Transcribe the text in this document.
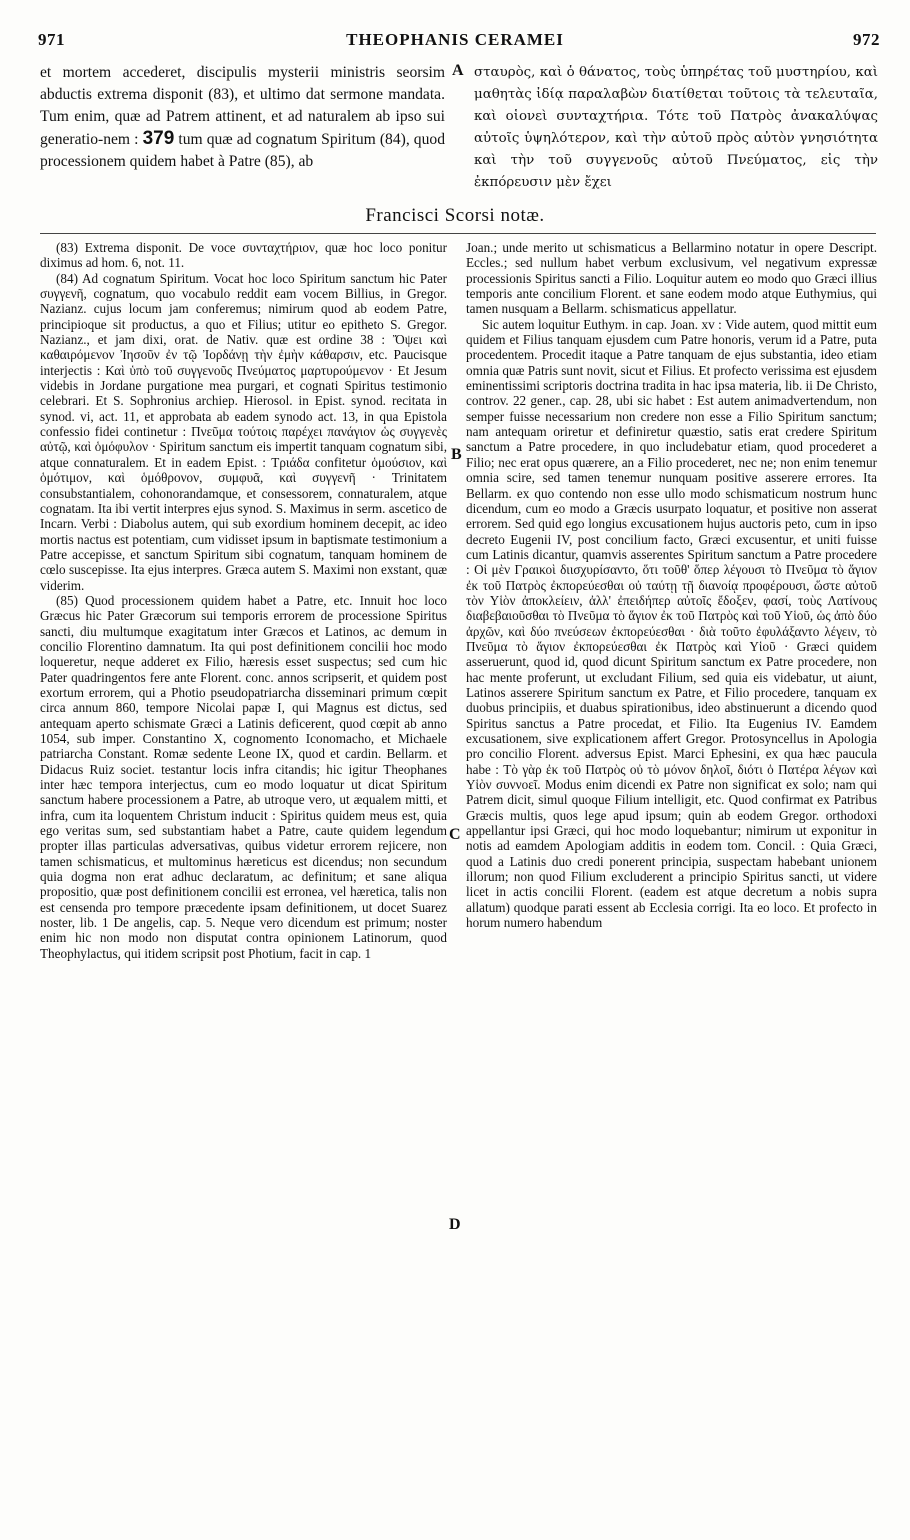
971	THEOPHANIS CERAMEI	972
et mortem accederet, discipulis mysterii ministris seorsim abductis extrema disponit (83), et ultimo dat sermone mandata. Tum enim, quæ ad Patrem attinent, et ad naturalem ab ipso sui generatio-nem : 379 tum quæ ad cognatum Spiritum (84), quod processionem quidem habet à Patre (85), ab
A σταυρὸς, καὶ ὁ θάνατος, τοὺς ὑπηρέτας τοῦ μυστηρίου, καὶ μαθητὰς ἰδίᾳ παραλαβὼν διατίθεται τοῦτοις τὰ τελευταῖα, καὶ οἱονεὶ συνταχτήρια. Τότε τοῦ Πατρὸς ἀνακαλύψας αὐτοῖς ὑψηλότερον, καὶ τὴν αὐτοῦ πρὸς αὐτὸν γνησιότητα καὶ τὴν τοῦ συγγενοῦς αὐτοῦ Πνεύματος, εἰς τὴν ἐκπόρευσιν μὲν ἔχει
Francisci Scorsi notæ.

(83) Extrema disponit. De voce συνταχτήριον, quæ hoc loco ponitur diximus ad hom. 6, not. 11.

(84) Ad cognatum Spiritum. Vocat hoc loco Spiritum sanctum hic Pater συγγενῆ, cognatum, quo vocabulo reddit eam vocem Billius, in Gregor. Nazianz. cujus locum jam conferemus; nimirum quod ab eodem Patre, principioque sit productus, a quo et Filius; utitur eo epitheto S. Gregor. Nazianz., et jam dixi, orat. de Nativ. quæ est ordine 38 : Ὄψει καὶ καθαιρόμενον Ἰησοῦν ἐν τῷ Ἰορδάνῃ τὴν ἐμὴν κάθαρσιν, etc. Paucisque interjectis : Καὶ ὑπὸ τοῦ συγγενοῦς Πνεύματος μαρτυρούμενον · Et Jesum videbis in Jordane purgatione mea purgari, et cognati Spiritus testimonio celebrari. Et S. Sophronius archiep. Hierosol. in Epist. synod. recitata in synod. vi, act. 11, et approbata ab eadem synodo act. 13, in qua Epistola confessio fidei continetur : Πνεῦμα τούτοις παρέχει πανάγιον ὡς συγγενὲς αὐτῷ, καὶ ὁμόφυλον · Spiritum sanctum eis impertit tanquam cognatum sibi, atque connaturalem. Et in eadem Epist. : Τριάδα confitetur ὁμούσιον, καὶ ὁμότιμον, καὶ ὁμόθρονον, συμφυᾶ, καὶ συγγενῆ · Trinitatem consubstantialem, cohonorandamque, et consessorem, connaturalem, atque cognatam. Ita ibi vertit interpres ejus synod. S. Maximus in serm. ascetico de Incarn. Verbi : Diabolus autem, qui sub exordium hominem decepit, ac ideo mortis nactus est potentiam, cum vidisset ipsum in baptismate testimonium a Patre accepisse, et sanctum Spiritum sibi cognatum, tanquam hominem de cœlo suscepisse. Ita ejus interpres. Græca autem S. Maximi non exstant, quæ viderim.

(85) Quod processionem quidem habet a Patre, etc. Innuit hoc loco Græcus hic Pater Græcorum sui temporis errorem de processione Spiritus sancti, diu multumque exagitatum inter Græcos et Latinos, ac demum in concilio Florentino damnatum. Ita qui post definitionem concilii hoc modo loqueretur, neque adderet ex Filio, hæresis esset suspectus; sed cum hic Pater quadringentos fere ante Florent. conc. annos scripserit, et quidem post exortum errorem, qui a Photio pseudopatriarcha disseminari primum cœpit circa annum 860, tempore Nicolai papæ I, qui Magnus est dictus, sed antequam aperto schismate Græci a Latinis deficerent, quod cœpit ab anno 1054, sub imper. Constantino X, cognomento Iconomacho, et Michaele patriarcha Constant. Romæ sedente Leone IX, quod et cardin. Bellarm. et Didacus Ruiz societ. testantur locis infra citandis; hic igitur Theophanes inter hæc tempora interjectus, cum eo modo loquatur ut dicat Spiritum sanctum habere processionem a Patre, ab utroque vero, ut æqualem mitti, et infra, cum ita loquentem Christum inducit : Spiritus quidem meus est, quia ego veritas sum, sed substantiam habet a Patre, caute quidem legendum propter illas particulas adversativas, quibus videtur errorem rejicere, non tamen schismaticus, et multominus hæreticus est dicendus; non secundum quia dogma non erat adhuc declaratum, ac definitum; et sane aliqua propositio, quæ post definitionem concilii est erronea, vel hæretica, talis non est censenda pro tempore præcedente ipsam definitionem, ut docet Suarez noster, lib. 1 De angelis, cap. 5. Neque vero dicendum est primum; noster enim hic non modo non disputat contra opinionem Latinorum, quod Theophylactus, qui itidem scripsit post Photium, facit in cap. 1

B
C
D

Joan.; unde merito ut schismaticus a Bellarmino notatur in opere Descript. Eccles.; sed nullum habet verbum exclusivum, vel negativum expressæ processionis Spiritus sancti a Filio. Loquitur autem eo modo quo Græci illius temporis ante concilium Florent. et sane eodem modo atque Euthymius, qui tamen nusquam a Bellarm. schismaticus appellatur.

Sic autem loquitur Euthym. in cap. Joan. xv : Vide autem, quod mittit eum quidem et Filius tanquam ejusdem cum Patre honoris, verum id a Patre, puta procedentem. Procedit itaque a Patre tanquam de ejus substantia, ideo etiam omnia quæ Patris sunt novit, sicut et Filius. Et profecto verissima est ejusdem eminentissimi scriptoris doctrina tradita in hac ipsa materia, lib. ii De Christo, controv. 22 gener., cap. 28, ubi sic habet : Est autem animadvertendum, non semper fuisse necessarium non credere non esse a Filio Spiritum sanctum; nam antequam oriretur et definiretur quæstio, satis erat credere Spiritum sanctum a Patre procedere, in quo includebatur etiam, quod procederet a Filio; nec erat opus quærere, an a Filio procederet, nec ne; non enim tenemur omnia scire, sed tamen tenemur nunquam positive asserere errores. Ita Bellarm. ex quo contendo non esse ullo modo schismaticum nostrum hunc dicendum, cum eo modo a Græcis usurpato loquatur, et positive non asserat errorem. Sed quid ego longius excusationem hujus auctoris peto, cum in ipso decreto Eugenii IV, post concilium facto, Græci excusentur, et uniti fuisse cum Latinis dicantur, quamvis asserentes Spiritum sanctum a Patre procedere : Οἱ μὲν Γραικοὶ διισχυρίσαντο, ὅτι τοῦθ' ὅπερ λέγουσι τὸ Πνεῦμα τὸ ἅγιον ἐκ τοῦ Πατρὸς ἐκπορεύεσθαι οὐ ταύτῃ τῇ διανοίᾳ προφέρουσι, ὥστε αὐτοῦ τὸν Υἱὸν ἀποκλείειν, ἀλλ' ἐπειδήπερ αὐτοῖς ἔδοξεν, φασί, τοὺς Λατίνους διαβεβαιοῦσθαι τὸ Πνεῦμα τὸ ἅγιον ἐκ τοῦ Πατρὸς καὶ τοῦ Υἱοῦ, ὡς ἀπὸ δύο ἀρχῶν, καὶ δύο πνεύσεων ἐκπορεύεσθαι · διὰ τοῦτο ἐφυλάξαντο λέγειν, τὸ Πνεῦμα τὸ ἅγιον ἐκπορεύεσθαι ἐκ Πατρὸς καὶ Υἱοῦ · Græci quidem asseruerunt, quod id, quod dicunt Spiritum sanctum ex Patre procedere, non hac mente proferunt, ut excludant Filium, sed quia eis videbatur, ut aiunt, Latinos asserere Spiritum sanctum ex Patre, et Filio procedere, tanquam ex duobus principiis, et duabus spirationibus, ideo abstinuerunt a dicendo quod Spiritus sanctus a Patre procedat, et Filio. Ita Eugenius IV. Eamdem excusationem, sive explicationem affert Gregor. Protosyncellus in Apologia pro concilio Florent. adversus Epist. Marci Ephesini, ex qua hæc paucula habe : Τὸ γὰρ ἐκ τοῦ Πατρὸς οὐ τὸ μόνον δηλοῖ, διότι ὁ Πατέρα λέγων καὶ Υἱὸν συννοεῖ. Modus enim dicendi ex Patre non significat ex solo; nam qui Patrem dicit, simul quoque Filium intelligit, etc. Quod confirmat ex Patribus Græcis multis, quos lege apud ipsum; quin ab eodem Gregor. orthodoxi appellantur ipsi Græci, qui hoc modo loquebantur; nimirum ut exponitur in notis ad eamdem Apologiam additis in eodem tom. Concil. : Quia Græci, quod a Latinis duo credi ponerent principia, suspectam habebant unionem illorum; non quod Filium excluderent a principio Spiritus sancti, ut videre licet in actis concilii Florent. (eadem est atque decretum a nobis supra allatum) quodque parati essent ab Ecclesia corrigi. Ita eo loco. Et profecto in horum numero habendum
